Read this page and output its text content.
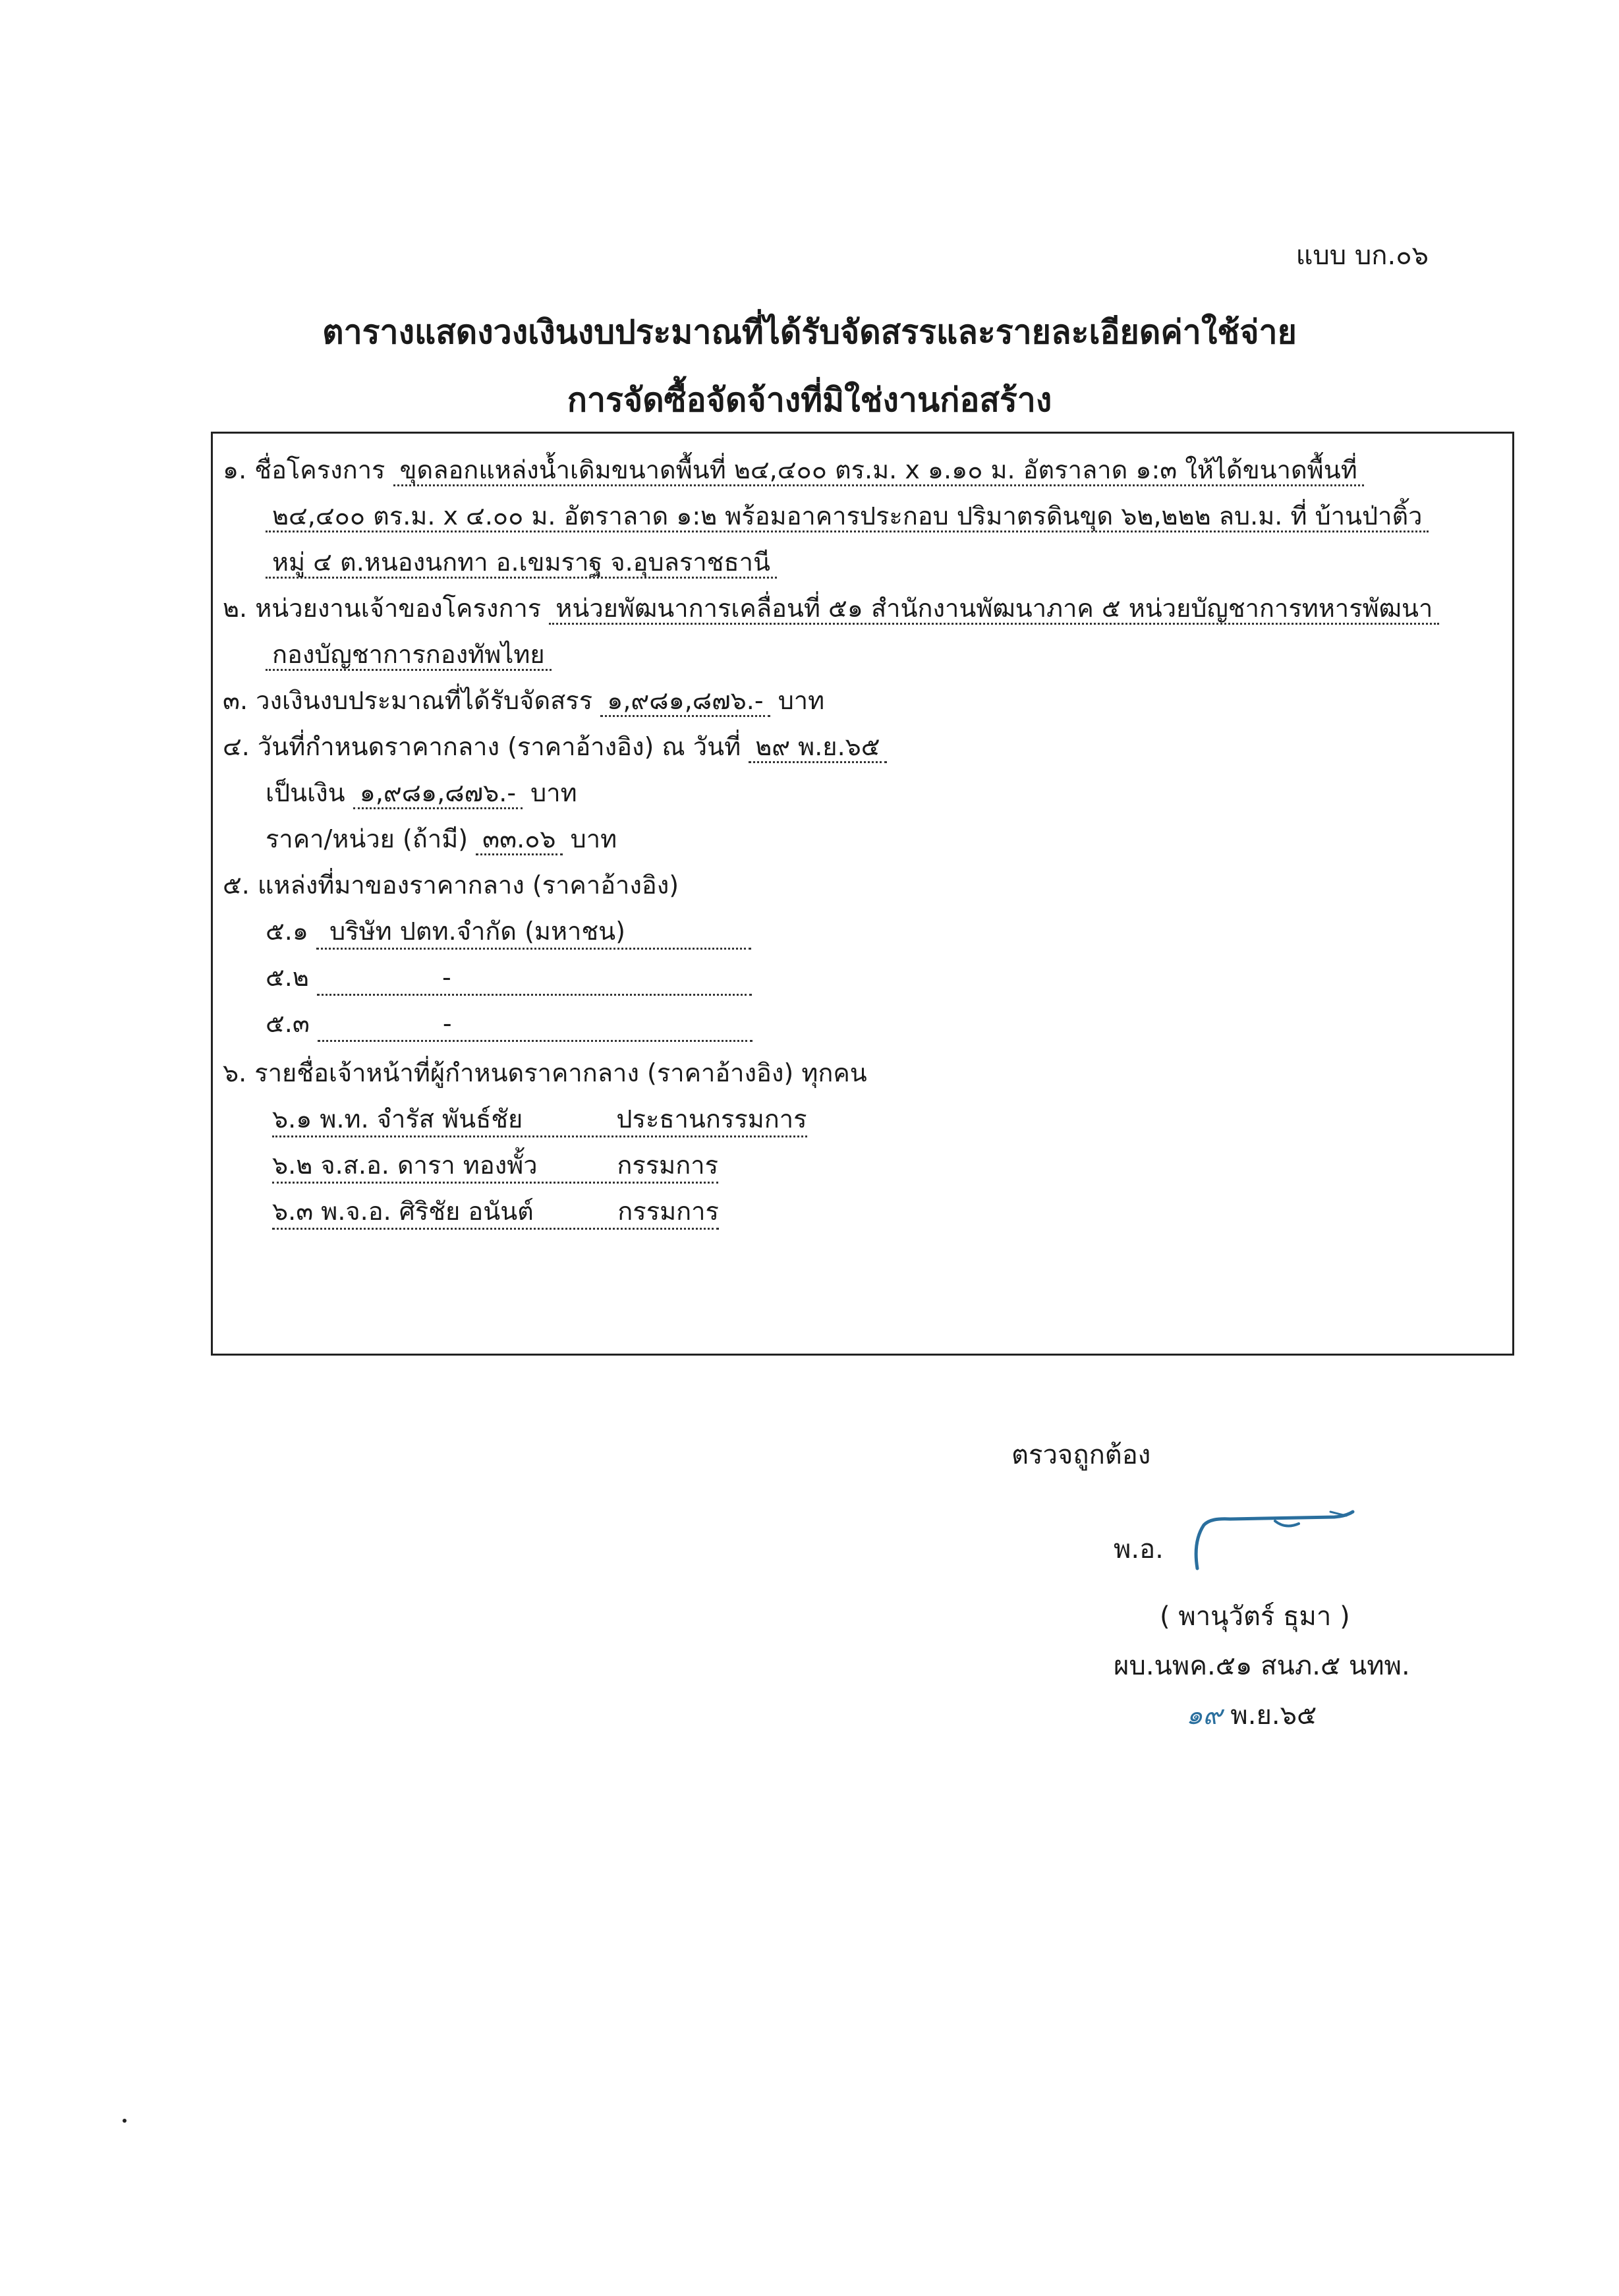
แบบ บก.๐๖
ตารางแสดงวงเงินงบประมาณที่ได้รับจัดสรรและรายละเอียดค่าใช้จ่าย
การจัดซื้อจัดจ้างที่มิใช่งานก่อสร้าง
๑. ชื่อโครงการ ขุดลอกแหล่งน้ำเดิมขนาดพื้นที่ ๒๔,๔๐๐ ตร.ม. x ๑.๑๐ ม. อัตราลาด ๑:๓ ให้ได้ขนาดพื้นที่
๒๔,๔๐๐ ตร.ม. x ๔.๐๐ ม. อัตราลาด ๑:๒ พร้อมอาคารประกอบ ปริมาตรดินขุด ๖๒,๒๒๒ ลบ.ม. ที่ บ้านป่าติ้ว
หมู่ ๔ ต.หนองนกทา อ.เขมราฐ จ.อุบลราชธานี
๒. หน่วยงานเจ้าของโครงการ หน่วยพัฒนาการเคลื่อนที่ ๕๑ สำนักงานพัฒนาภาค ๕ หน่วยบัญชาการทหารพัฒนา
กองบัญชาการกองทัพไทย
๓. วงเงินงบประมาณที่ได้รับจัดสรร ๑,๙๘๑,๘๗๖.- บาท
๔. วันที่กำหนดราคากลาง (ราคาอ้างอิง) ณ วันที่ ๒๙ พ.ย.๖๕
เป็นเงิน ๑,๙๘๑,๘๗๖.- บาท
ราคา/หน่วย (ถ้ามี) ๓๓.๐๖ บาท
๕. แหล่งที่มาของราคากลาง (ราคาอ้างอิง)
๕.๑ บริษัท ปตท.จำกัด (มหาชน)
๕.๒	-
๕.๓	-
๖. รายชื่อเจ้าหน้าที่ผู้กำหนดราคากลาง (ราคาอ้างอิง) ทุกคน
๖.๑ พ.ท. จำรัส พันธ์ชัย	ประธานกรรมการ
๖.๒ จ.ส.อ. ดารา ทองพั้ว	กรรมการ
๖.๓ พ.จ.อ. ศิริชัย อนันต์	กรรมการ
ตรวจถูกต้อง
พ.อ.
( พานุวัตร์ ธุมา )
ผบ.นพค.๕๑ สนภ.๕ นทพ.
๑๙ พ.ย.๖๕
